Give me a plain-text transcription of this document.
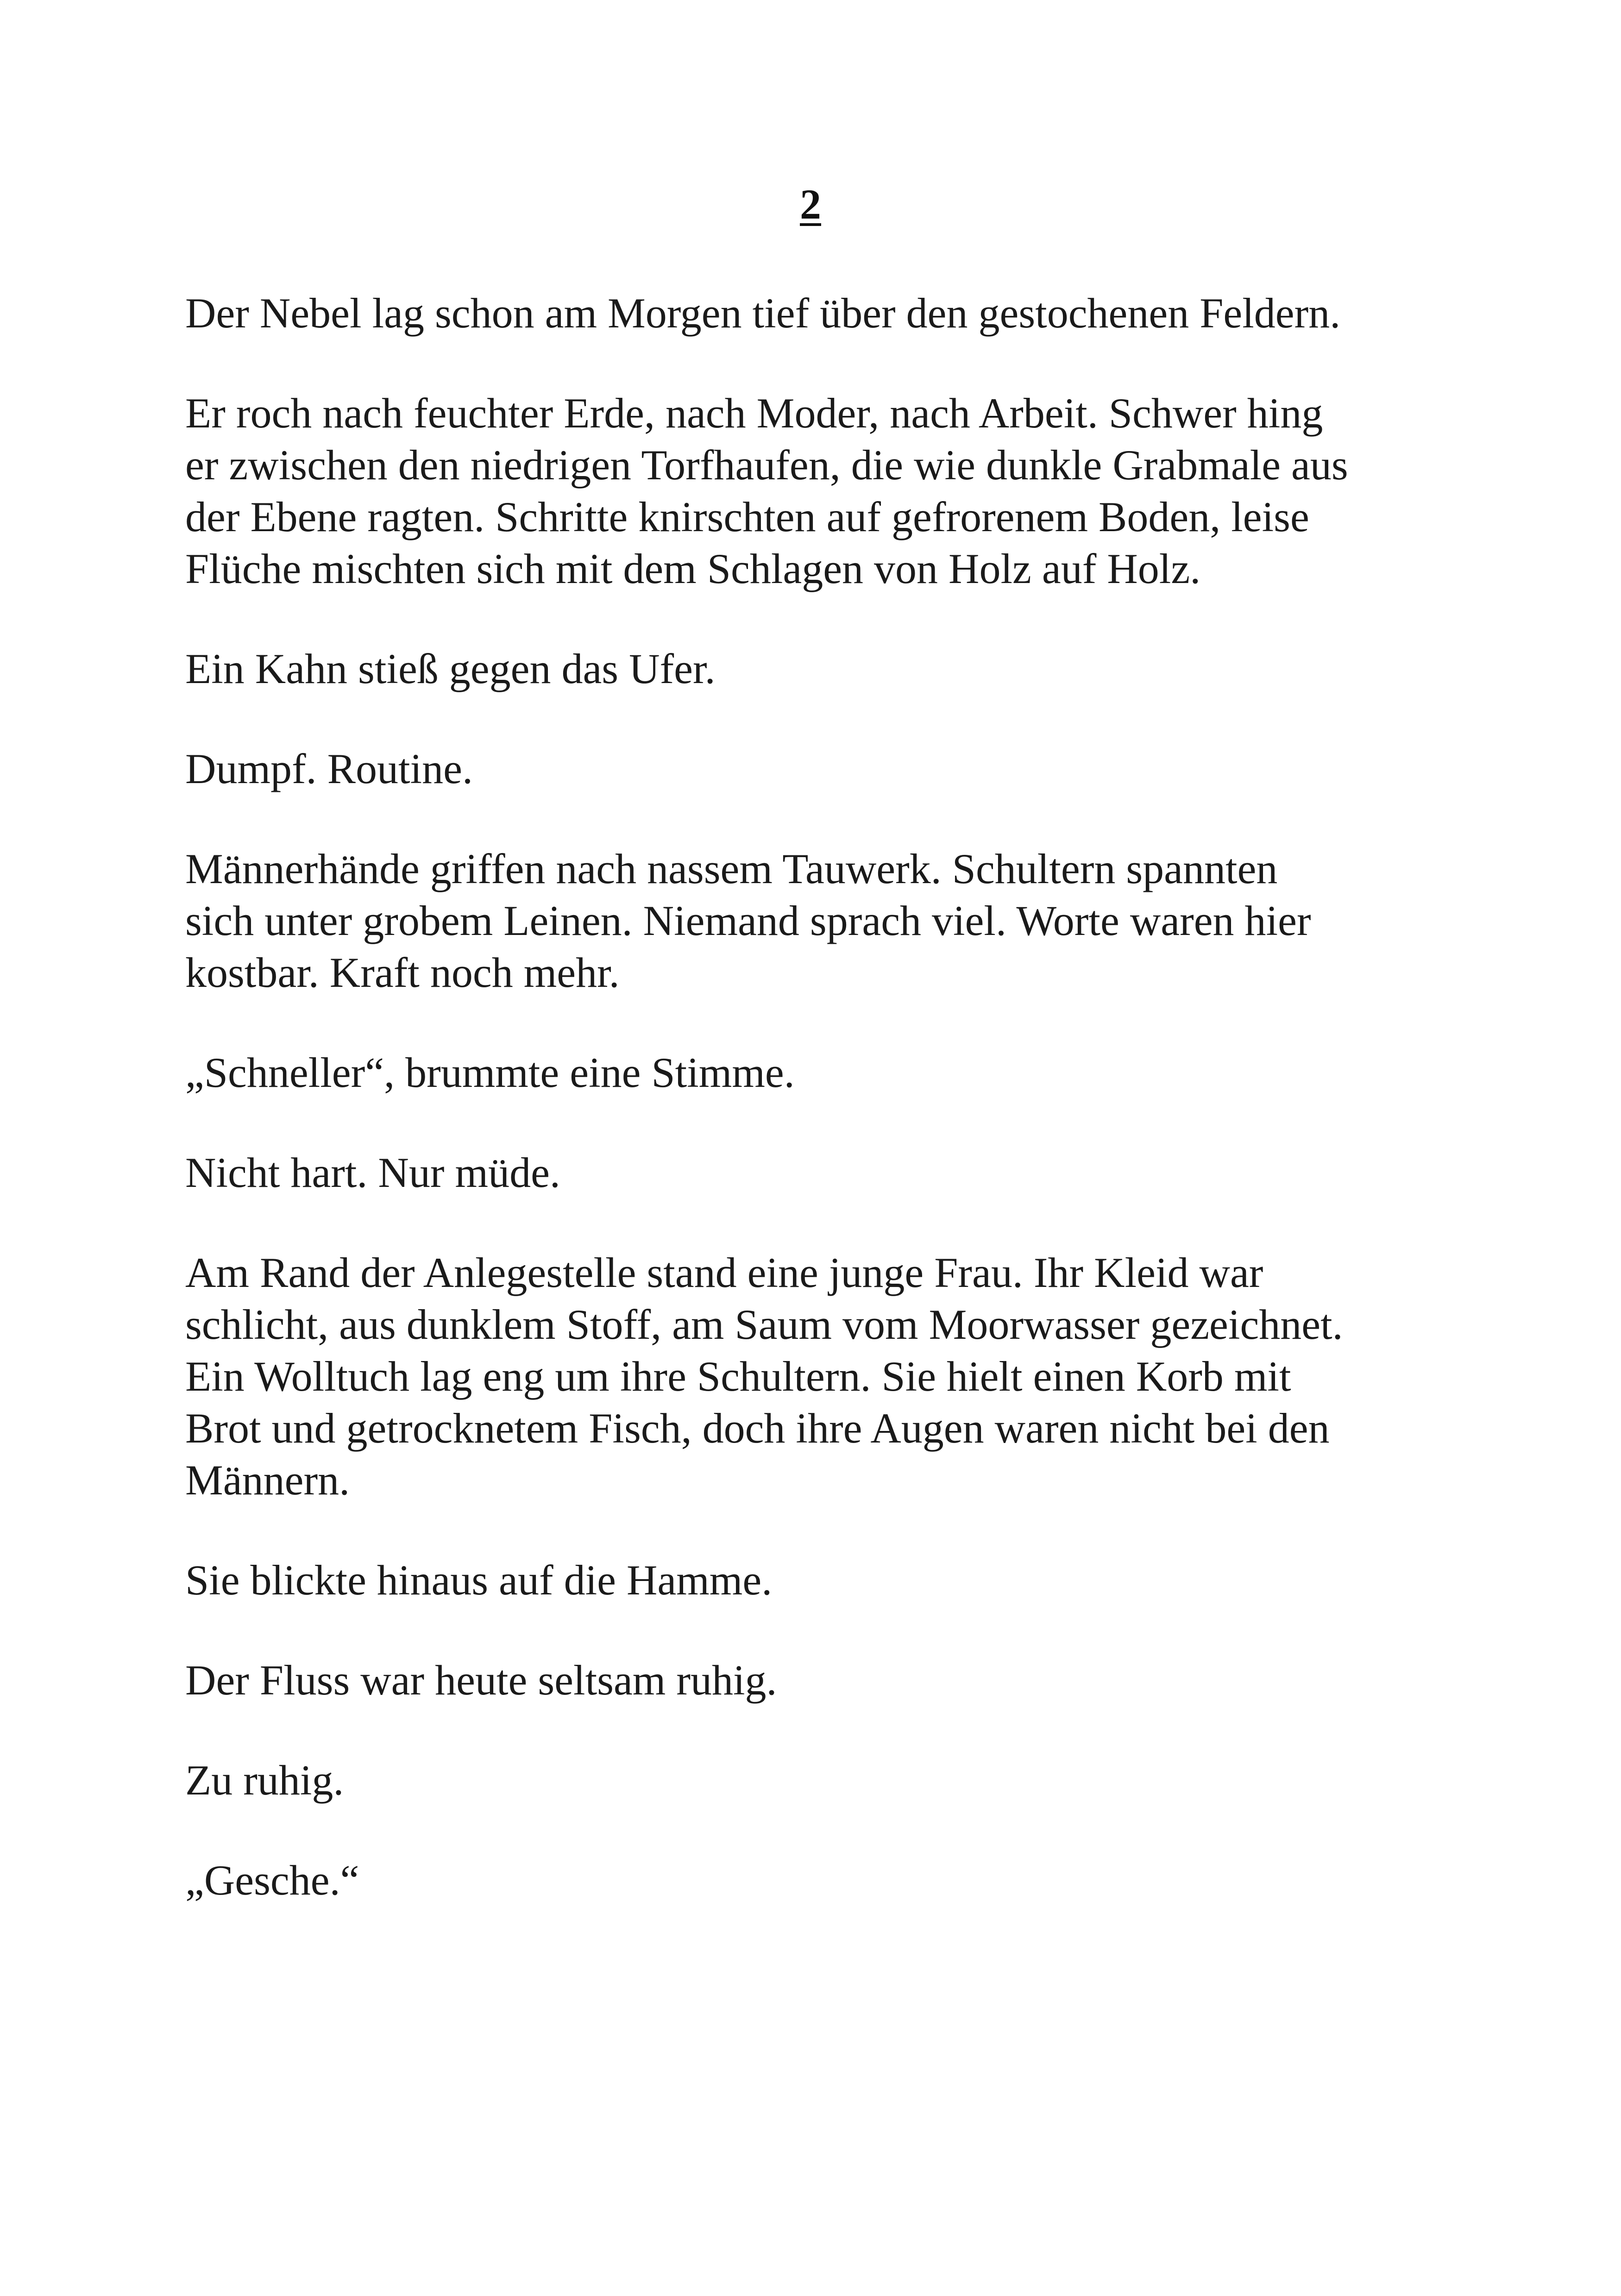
2

Der Nebel lag schon am Morgen tief über den gestochenen Feldern.

Er roch nach feuchter Erde, nach Moder, nach Arbeit. Schwer hing
er zwischen den niedrigen Torfhaufen, die wie dunkle Grabmale aus
der Ebene ragten. Schritte knirschten auf gefrorenem Boden, leise
Flüche mischten sich mit dem Schlagen von Holz auf Holz.

Ein Kahn stieß gegen das Ufer.

Dumpf. Routine.

Männerhände griffen nach nassem Tauwerk. Schultern spannten
sich unter grobem Leinen. Niemand sprach viel. Worte waren hier
kostbar. Kraft noch mehr.

„Schneller“, brummte eine Stimme.

Nicht hart. Nur müde.

Am Rand der Anlegestelle stand eine junge Frau. Ihr Kleid war
schlicht, aus dunklem Stoff, am Saum vom Moorwasser gezeichnet.
Ein Wolltuch lag eng um ihre Schultern. Sie hielt einen Korb mit
Brot und getrocknetem Fisch, doch ihre Augen waren nicht bei den
Männern.

Sie blickte hinaus auf die Hamme.

Der Fluss war heute seltsam ruhig.

Zu ruhig.

„Gesche.“
